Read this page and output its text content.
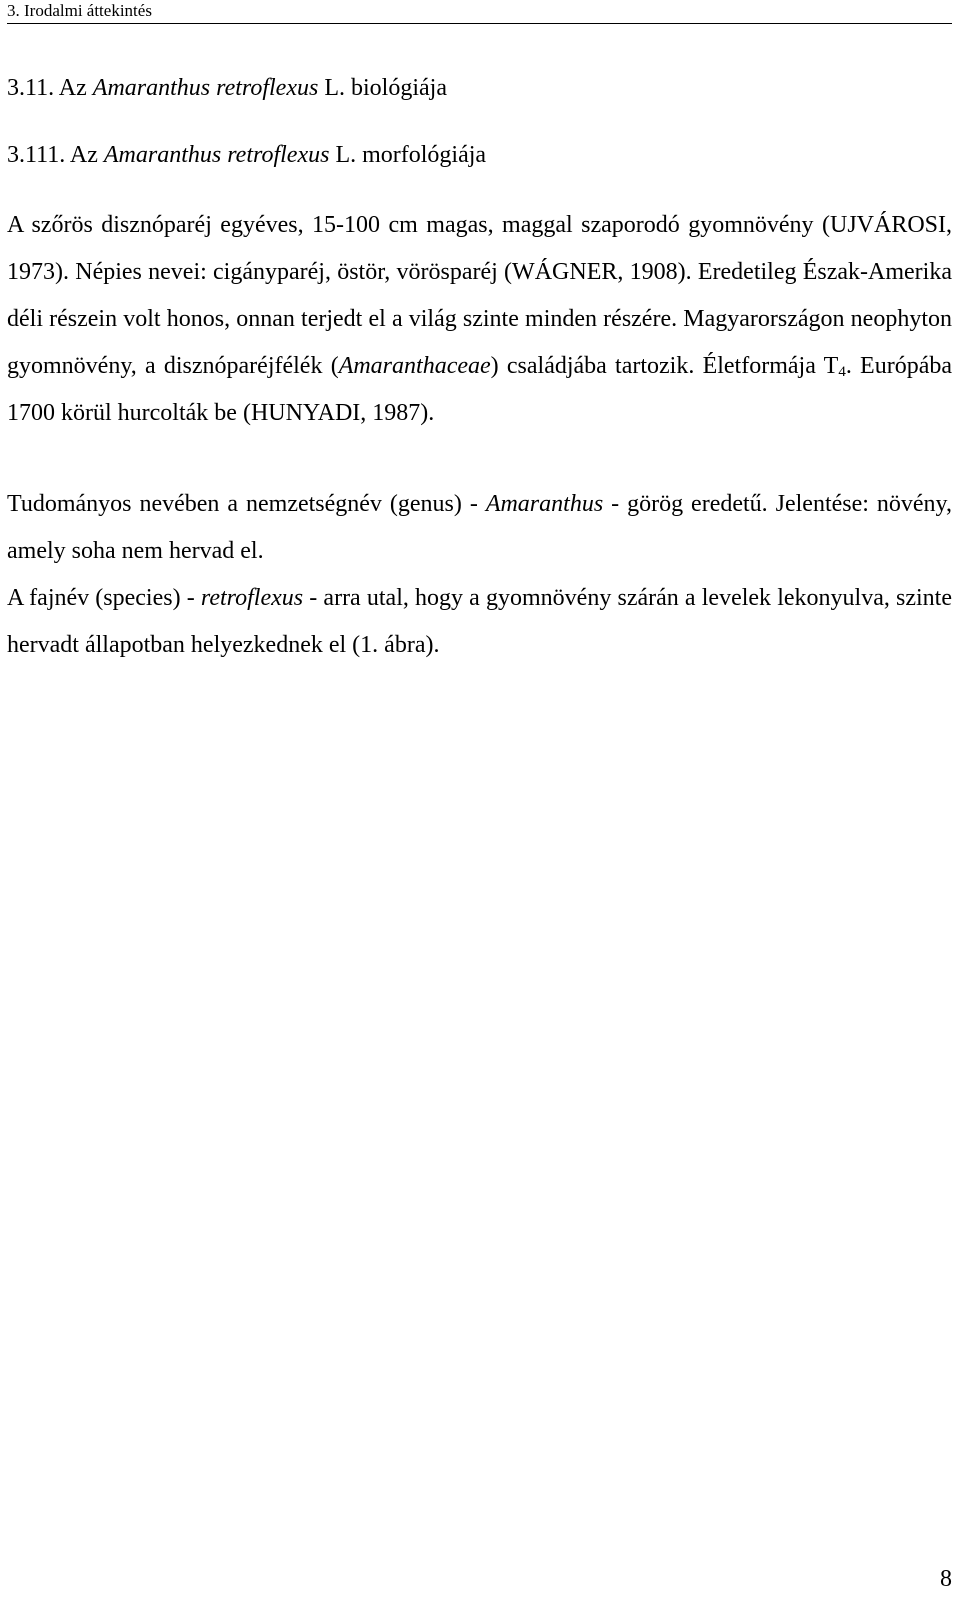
3. Irodalmi áttekintés
3.11. Az Amaranthus retroflexus L. biológiája
3.111. Az Amaranthus retroflexus L. morfológiája

A szőrös disznóparéj egyéves, 15-100 cm magas, maggal szaporodó gyomnövény (UJVÁROSI, 1973). Népies nevei: cigányparéj, östör, vörösparéj (WÁGNER, 1908). Eredetileg Észak-Amerika déli részein volt honos, onnan terjedt el a világ szinte minden részére. Magyarországon neophyton gyomnövény, a disznóparéjfélék (Amaranthaceae) családjába tartozik. Életformája $T_4$. Európába 1700 körül hurcolták be (HUNYADI, 1987).

Tudományos nevében a nemzetségnév (genus) - Amaranthus - görög eredetű. Jelentése: növény, amely soha nem hervad el.

A fajnév (species) - retroflexus - arra utal, hogy a gyomnövény szárán a levelek lekonyulva, szinte hervadt állapotban helyezkednek el (1. ábra).

8
